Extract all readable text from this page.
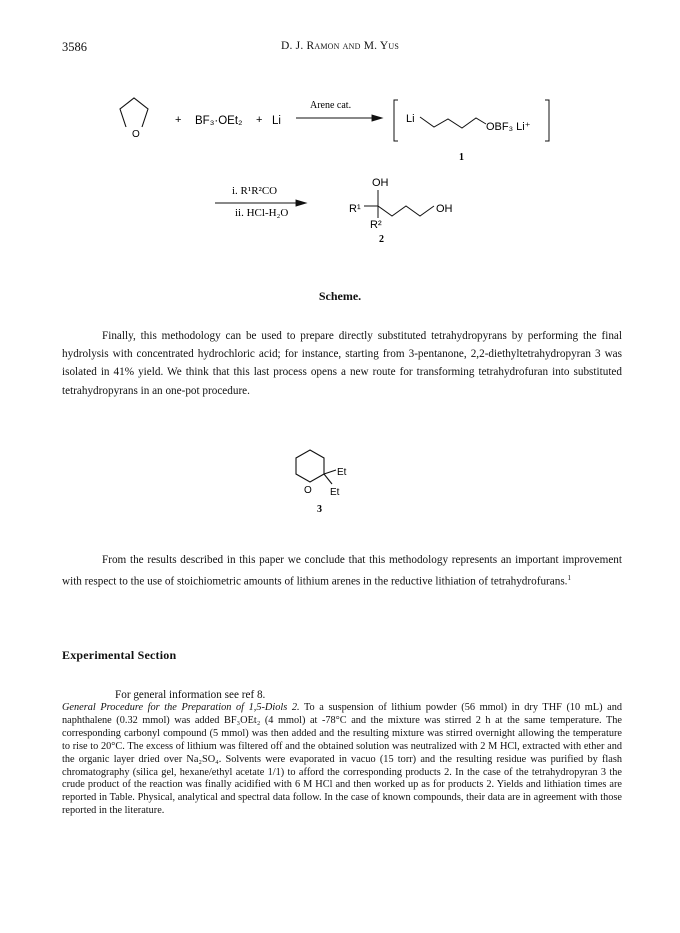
3586	D. J. Ramon and M. Yus
O
+ BF₃·OEt₂ + Li
Arene cat.
Li
OBF₃ Li⁺
1
i. R¹R²CO
ii. HCl-H₂O
OH
R¹
R²
OH
2
Scheme.
Finally, this methodology can be used to prepare directly substituted tetrahydropyrans by performing the final hydrolysis with concentrated hydrochloric acid; for instance, starting from 3-pentanone, 2,2-diethyltetrahydropyran 3 was isolated in 41% yield. We think that this last process opens a new route for transforming tetrahydrofuran into substituted tetrahydropyrans in an one-pot procedure.
O
Et
Et
3
From the results described in this paper we conclude that this methodology represents an important improvement with respect to the use of stoichiometric amounts of lithium arenes in the reductive lithiation of tetrahydrofurans.$^1$
Experimental Section
For general information see ref 8.
General Procedure for the Preparation of 1,5-Diols 2. To a suspension of lithium powder (56 mmol) in dry THF (10 mL) and naphthalene (0.32 mmol) was added BF₃OEt₂ (4 mmol) at -78°C and the mixture was stirred 2 h at the same temperature. The corresponding carbonyl compound (5 mmol) was then added and the resulting mixture was stirred overnight allowing the temperature to rise to 20°C. The excess of lithium was filtered off and the obtained solution was neutralized with 2 M HCl, extracted with ether and the organic layer dried over Na₂SO₄. Solvents were evaporated in vacuo (15 torr) and the resulting residue was purified by flash chromatography (silica gel, hexane/ethyl acetate 1/1) to afford the corresponding products 2. In the case of the tetrahydropyran 3 the crude product of the reaction was finally acidified with 6 M HCl and then worked up as for products 2. Yields and lithiation times are reported in Table. Physical, analytical and spectral data follow. In the case of known compounds, their data are in agreement with those reported in the literature.
